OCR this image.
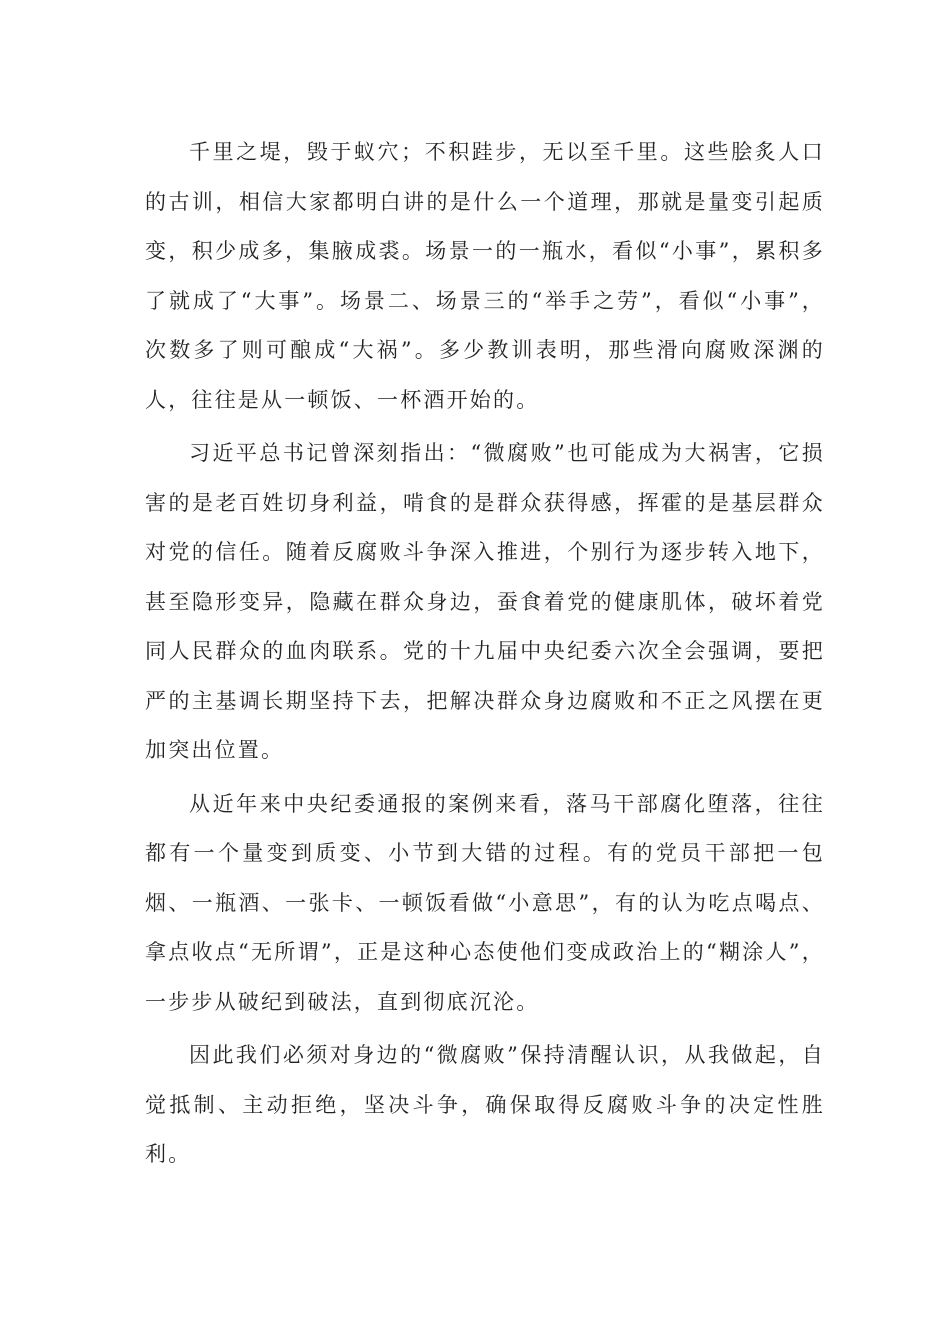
千里之堤，毁于蚁穴；不积跬步，无以至千里。这些脍炙人口的古训，相信大家都明白讲的是什么一个道理，那就是量变引起质变，积少成多，集腋成裘。场景一的一瓶水，看似“小事”，累积多了就成了“大事”。场景二、场景三的“举手之劳”，看似“小事”，次数多了则可酿成“大祸”。多少教训表明，那些滑向腐败深渊的人，往往是从一顿饭、一杯酒开始的。

习近平总书记曾深刻指出：“微腐败”也可能成为大祸害，它损害的是老百姓切身利益，啃食的是群众获得感，挥霍的是基层群众对党的信任。随着反腐败斗争深入推进，个别行为逐步转入地下，甚至隐形变异，隐藏在群众身边，蚕食着党的健康肌体，破坏着党同人民群众的血肉联系。党的十九届中央纪委六次全会强调，要把严的主基调长期坚持下去，把解决群众身边腐败和不正之风摆在更加突出位置。

从近年来中央纪委通报的案例来看，落马干部腐化堕落，往往都有一个量变到质变、小节到大错的过程。有的党员干部把一包烟、一瓶酒、一张卡、一顿饭看做“小意思”，有的认为吃点喝点、拿点收点“无所谓”，正是这种心态使他们变成政治上的“糊涂人”，一步步从破纪到破法，直到彻底沉沦。

因此我们必须对身边的“微腐败”保持清醒认识，从我做起，自觉抵制、主动拒绝，坚决斗争，确保取得反腐败斗争的决定性胜利。
